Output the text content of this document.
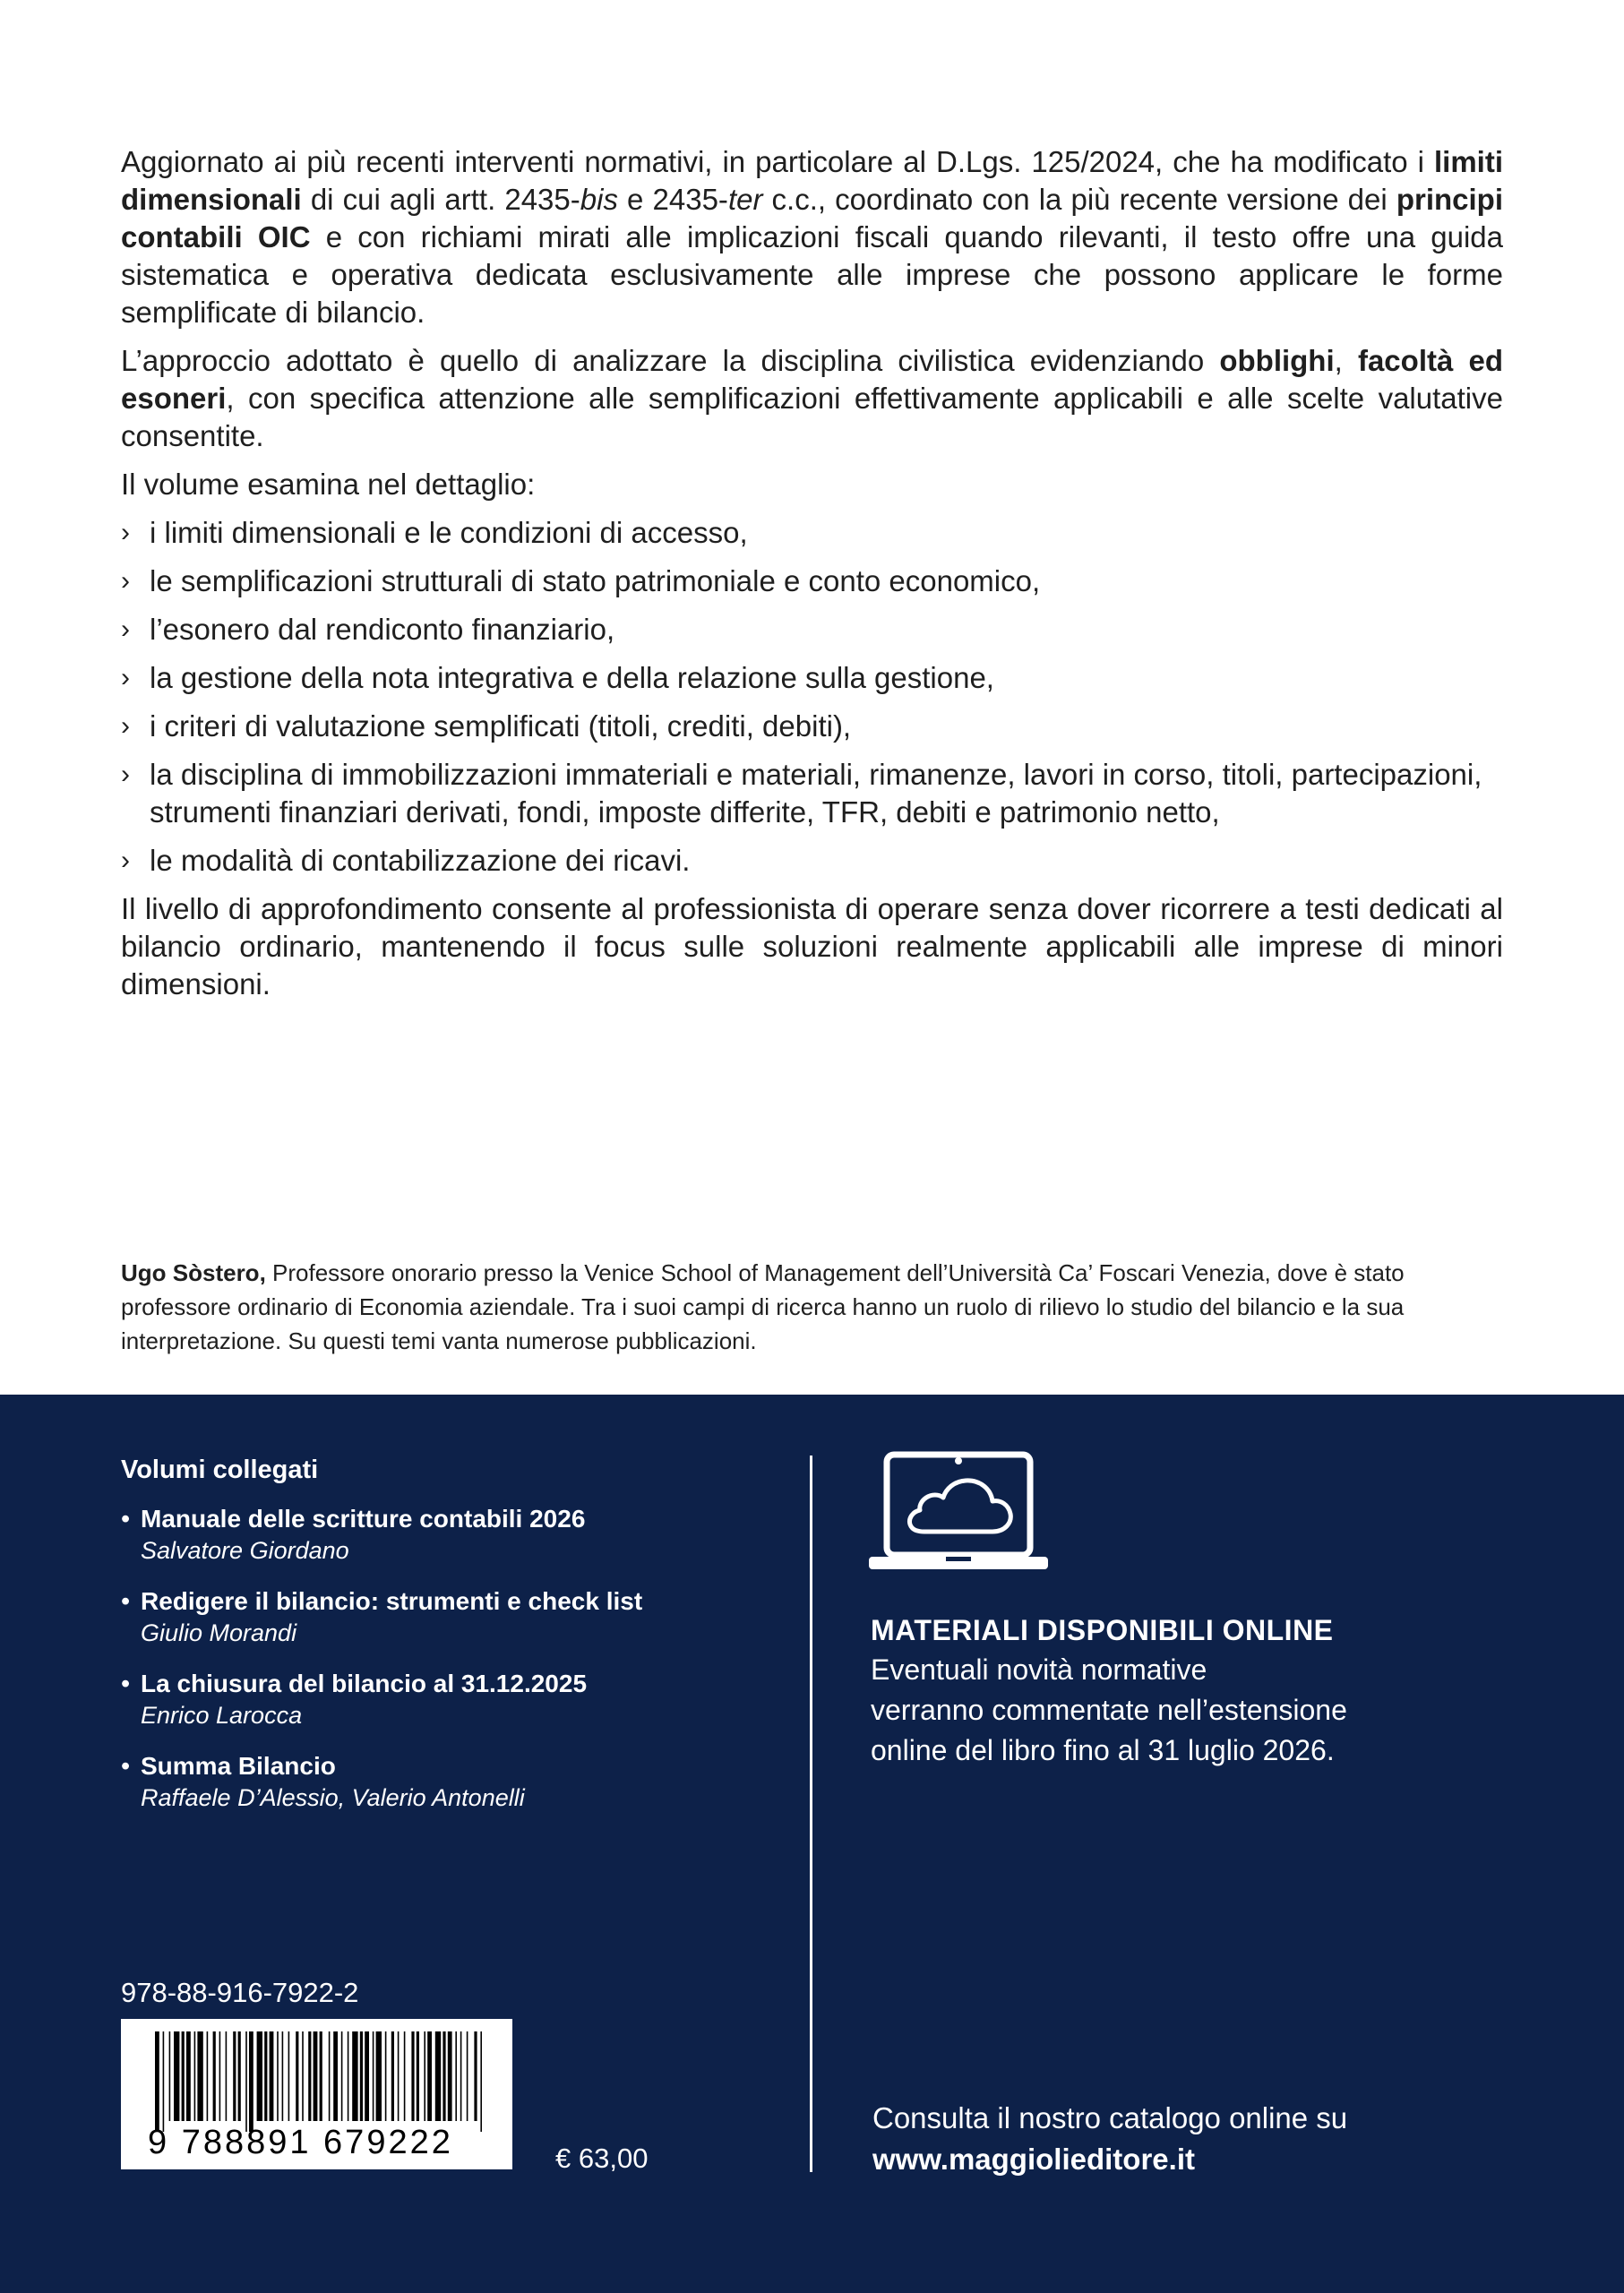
Aggiornato ai più recenti interventi normativi, in particolare al D.Lgs. 125/2024, che ha modificato i limiti dimensionali di cui agli artt. 2435-bis e 2435-ter c.c., coordinato con la più recente versione dei principi contabili OIC e con richiami mirati alle implicazioni fiscali quando rilevanti, il testo offre una guida sistematica e operativa dedicata esclusivamente alle imprese che possono applicare le forme semplificate di bilancio.

L’approccio adottato è quello di analizzare la disciplina civilistica evidenziando obblighi, facoltà ed esoneri, con specifica attenzione alle semplificazioni effettivamente applicabili e alle scelte valutative consentite.

Il volume esamina nel dettaglio:

› i limiti dimensionali e le condizioni di accesso,
› le semplificazioni strutturali di stato patrimoniale e conto economico,
› l’esonero dal rendiconto finanziario,
› la gestione della nota integrativa e della relazione sulla gestione,
› i criteri di valutazione semplificati (titoli, crediti, debiti),
› la disciplina di immobilizzazioni immateriali e materiali, rimanenze, lavori in corso, titoli, partecipazioni, strumenti finanziari derivati, fondi, imposte differite, TFR, debiti e patrimonio netto,
› le modalità di contabilizzazione dei ricavi.

Il livello di approfondimento consente al professionista di operare senza dover ricorrere a testi dedicati al bilancio ordinario, mantenendo il focus sulle soluzioni realmente applicabili alle imprese di minori dimensioni.

Ugo Sòstero, Professore onorario presso la Venice School of Management dell’Università Ca’ Foscari Venezia, dove è stato professore ordinario di Economia aziendale. Tra i suoi campi di ricerca hanno un ruolo di rilievo lo studio del bilancio e la sua interpretazione. Su questi temi vanta numerose pubblicazioni.
Volumi collegati
• Manuale delle scritture contabili 2026
Salvatore Giordano
• Redigere il bilancio: strumenti e check list
Giulio Morandi
• La chiusura del bilancio al 31.12.2025
Enrico Larocca
• Summa Bilancio
Raffaele D’Alessio, Valerio Antonelli
MATERIALI DISPONIBILI ONLINE
Eventuali novità normative
verranno commentate nell’estensione
online del libro fino al 31 luglio 2026.
978-88-916-7922-2
9 788891 679222	€ 63,00
Consulta il nostro catalogo online su
www.maggiolieditore.it
